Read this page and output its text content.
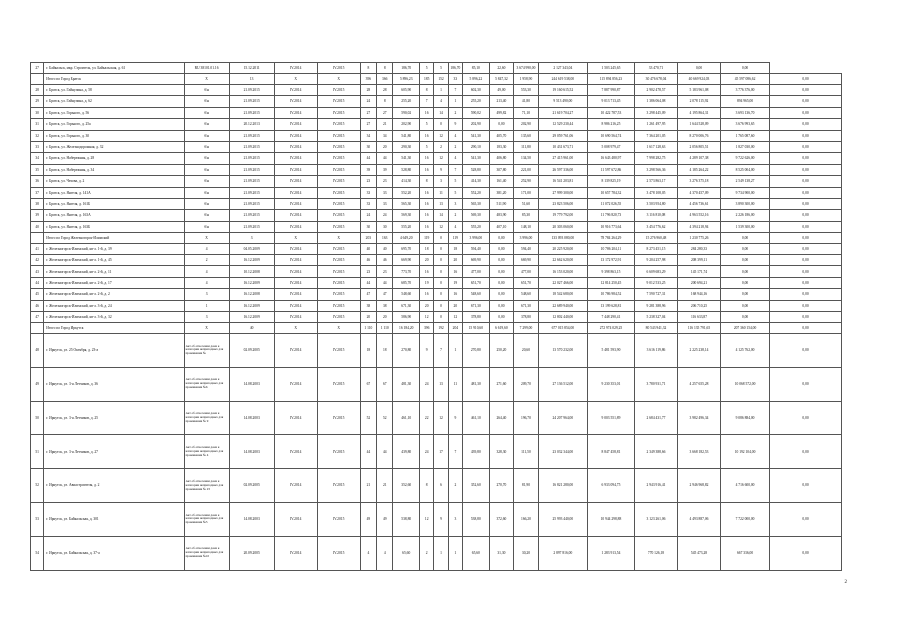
27	г. Байкальск, мкр. Строитель, ул. Байкальская, д. 61	RU 38101.01.16	15.12.2011	IV.2014	IV.2015	8	8	186,70	5	5	186,70	85,10	22,60	3 674 990,00	2 127 343,04	1 503 245,65	33 470,71	0,00	0,00	
	Итого по Город Братск	X	13	X	X	396	366	5 896,23	185	152	33	5 896,22	5 847,32	1 958,90	244 619 538,00	115 894 856,23	30 476 678,04	40 669 924,03	45 597 086,62	0,00
28	г. Братск, ул. Гайнулина, д. 58	б/н	21.09.2015	IV.2014	IV.2015	28	28	605,90	8	1	7	602,30	49,00	553,30	19 160 615,52	7 887 990,87	2 902 478,57	5 183 961,08	3 776 376,00	0,00
29	г. Братск, ул. Гайнулина, д. 62	б/н	21.09.2015	IV.2014	IV.2015	24	8	255,20	7	4	1	255,20	213,40	41,80	9 513 490,00	9 013 713,45	1 386 064,08	2 078 115,92	894 965,00	0,00
30	г. Братск, ул. Горького, д. 56	б/н	21.09.2015	IV.2014	IV.2015	27	27	590,02	16	14	2	590,02	499,82	71,10	21 619 704,27	10 422 787,53	3 298 445,09	4 195 864,31	3 693 136,70	0,00
31	г. Братск, ул. Горького, д. 25а	б/н	20.12.2013	IV.2014	IV.2015	27	21	202,90	5	0	9	202,90	0,00	202,90	12 529 230,44	8 986 216,25	1 261 497,95	1 644 528,09	3 676 993,65	0,00
32	г. Братск, ул. Горького, д. 30	б/н	21.09.2015	IV.2014	IV.2015	34	34	541,80	16	12	4	541,30	405,70	135,60	29 059 761,06	10 690 564,74	7 364 201,05	8 270 006,76	1 765 087,60	0,00
33	г. Братск, ул. Железнодорожная, д. 32	б/н	21.09.2015	IV.2014	IV.2015	30	20	290,30	5	2	2	290,10	183,30	111,80	10 431 673,71	5 008 979,47	1 617 128,63	2 056 805,51	1 827 030,00	0,00
34	г. Братск, ул. Набережная, д. 28	б/н	21.09.2015	IV.2014	IV.2015	44	44	541,30	16	12	4	541,30	406,80	134,50	27 415 961,00	16 643 480,97	7 998 282,75	4 289 107,38	9 722 626,00	0,00
35	г. Братск, ул. Набережная, д. 34	б/н	21.09.2015	IV.2014	IV.2015	39	39	528,80	16	9	7	528,80	307,80	221,00	26 597 336,00	11 597 672,86	3 298 566,36	4 185 264,22	8 525 004,00	0,00
36	г. Братск, ул. Чехова, д. 2	б/н	21.09.2015	IV.2014	IV.2015	23	23	414,30	8	3	5	414,30	161,40	252,90	16 541 203,81	8 139 825,19	2 573 863,17	3 276 375,18	2 549 138,27	0,00
37	г. Братск, ул. Янгеля, д. 141А	б/н	21.09.2015	IV.2014	IV.2015	33	33	552,20	16	11	5	552,20	381,20	171,00	27 999 300,00	10 657 784,32	3 478 108,05	4 370 457,09	9 734 900,00	0,00
38	г. Братск, ул. Янгеля, д. 161Б	б/н	21.09.2015	IV.2014	IV.2015	33	33	565,30	16	13	3	565,30	511,90	51,60	23 823 506,00	11 072 026,55	3 503 954,80	4 456 736,61	3 890 300,00	0,00
39	г. Братск, ул. Янгеля, д. 163А	б/н	21.09.2015	IV.2014	IV.2015	24	24	569,30	16	14	2	569,30	483,90	85,30	19 779 792,00	11 796 820,73	3 116 810,08	4 963 552,16	2 226 186,00	0,00
40	г. Братск, ул. Янгеля, д. 163Б	б/н	21.09.2015	IV.2014	IV.2015	30	30	555,20	16	12	4	555,20	407,10	148,10	20 303 060,00	10 916 773,64	3 454 776,62	4 394 218,94	1 539 300,00	0,00
	Итого по Город Железногорск-Илимский	X	3	X	X	203	163	4 649,20	119	0	119	3 996,00	0,00	3 996,00	133 093 080,00	78 784 264,29	15 276 960,48	1 230 775,26	0,00	0,00
41	г. Железногорск-Илимский, кв-л. 1-й, д. 39	4	04.05.2009	IV.2014	IV.2015	40	40	695,70	18	0	18	594,40	0,00	594,40	20 225 920,00	10 786 204,11	8 273 451,15	284 280,33	0,00	0,00
42	г. Железногорск-Илимский, кв-л. 1-й, д. 45	2	16.12.2009	IV.2014	IV.2015	46	46	669,90	20	0	20	669,90	0,00	669,90	22 662 620,00	13 172 972,91	9 204 257,98	208 399,11	0,00	0,00
43	г. Железногорск-Илимский, кв-л. 2-й, д. 11	4	10.12.2008	IV.2014	IV.2015	23	23	773,70	16	0	16	477,00	0,00	477,00	16 153 020,00	9 398 863,15	6 609 683,29	145 171,74	0,00	0,00
44	г. Железногорск-Илимский, кв-л. 2-й, д. 17	4	16.12.2009	IV.2014	IV.2015	44	44	685,70	19	0	19	651,70	0,00	651,70	22 027 466,00	12 814 250,45	9 012 533,25	200 694,21	0,00	0,00
45	г. Железногорск-Илимский, кв-л. 2-й, д. 2	3	16.12.2008	IV.2014	IV.2015	47	47	548,60	16	0	16	548,60	0,00	548,60	18 542 680,00	10 786 984,52	7 590 727,31	168 944,16	0,00	0,00
46	г. Железногорск-Илимский, кв-л. 3-й, д. 24	1	16.12.2009	IV.2014	IV.2015	38	38	671,30	20	0	20	671,30	0,00	671,30	22 689 940,00	13 199 628,81	9 281 388,96	206 710,25	0,00	0,00
47	г. Железногорск-Илимский, кв-л. 3-й, д. 32	3	16.12.2009	IV.2014	IV.2015	20	20	586,90	12	0	12	378,80	0,00	378,80	12 802 440,00	7 448 290,41	5 238 327,04	116 633,87	0,00	0,00
	Итого по Город Иркутск	X	40	X	X	1 110	1 110	16 184,20	396	192	204	15 910,60	6 619,60	7 299,00	677 015 854,00	272 974 029,25	80 543 941,32	116 135 791,65	207 360 154,00	0,00
48	г. Иркутск, ул. 25 Октября, д. 23-а	Акт об отнесении дома к категории непригодных для проживания №	02.09.2005	IV.2014	IV.2015	18	18	270,80	9	7	1	270,80	250,20	20,60	13 570 232,00	5 481 593,90	3 616 119,86	2 225 238,14	4 125 762,00	0,00
49	г. Иркутск, ул. 3-я Летчиков, д. 36	Акт об отнесении дома к категории непригодных для проживания №6	14.08.2003	IV.2014	IV.2015	67	67	481,30	24	13	11	481,30	271,60	209,70	27 136 512,00	9 230 353,01	3 780 931,71	4 257 655,28	10 068 572,00	0,00
50	г. Иркутск, ул. 3-я Летчиков, д. 25	Акт об отнесении дома к категории непригодных для проживания № 9	14.08.2003	IV.2014	IV.2015	52	52	461,10	22	12	9	461,10	264,40	196,70	24 207 964,00	9 003 551,89	2 684 431,77	3 982 496,34	9 086 884,00	0,00
51	г. Иркутск, ул. 3-я Летчиков, д. 27	Акт об отнесении дома к категории непригодных для проживания № 4	14.08.2003	IV.2014	IV.2015	44	44	439,80	24	17	7	439,80	328,30	111,50	23 032 344,00	8 847 458,81	2 349 388,66	3 668 182,53	10 192 104,00	0,00
52	г. Иркутск, ул. Авиастроителя, д. 2	Акт об отнесении дома к категории непригодных для проживания № 23	02.09.2005	IV.2014	IV.2015	21	21	352,60	8	6	2	352,60	270,70	81,90	16 821 280,00	6 933 094,75	2 943 916,41	2 946 968,82	4 716 600,00	0,00
53	г. Иркутск, ул. Байкальская, д. 301	Акт об отнесении дома к категории непригодных для проживания №5	14.08.2003	IV.2014	IV.2015	49	49	538,80	12	9	3	538,80	372,60	166,20	25 993 440,00	10 944 298,88	3 123 261,06	4 493 887,06	7 722 000,00	0,00
54	г. Иркутск, ул. Байкальская, д. 37-а	Акт об отнесении дома к категории непригодных для проживания №10	20.09.2005	IV.2014	IV.2015	4	4	65,60	2	1	1	65,60	31,30	30,20	2 897 816,00	1 283 913,54	770 126,18	545 473,28	667 336,00	0,00
2
